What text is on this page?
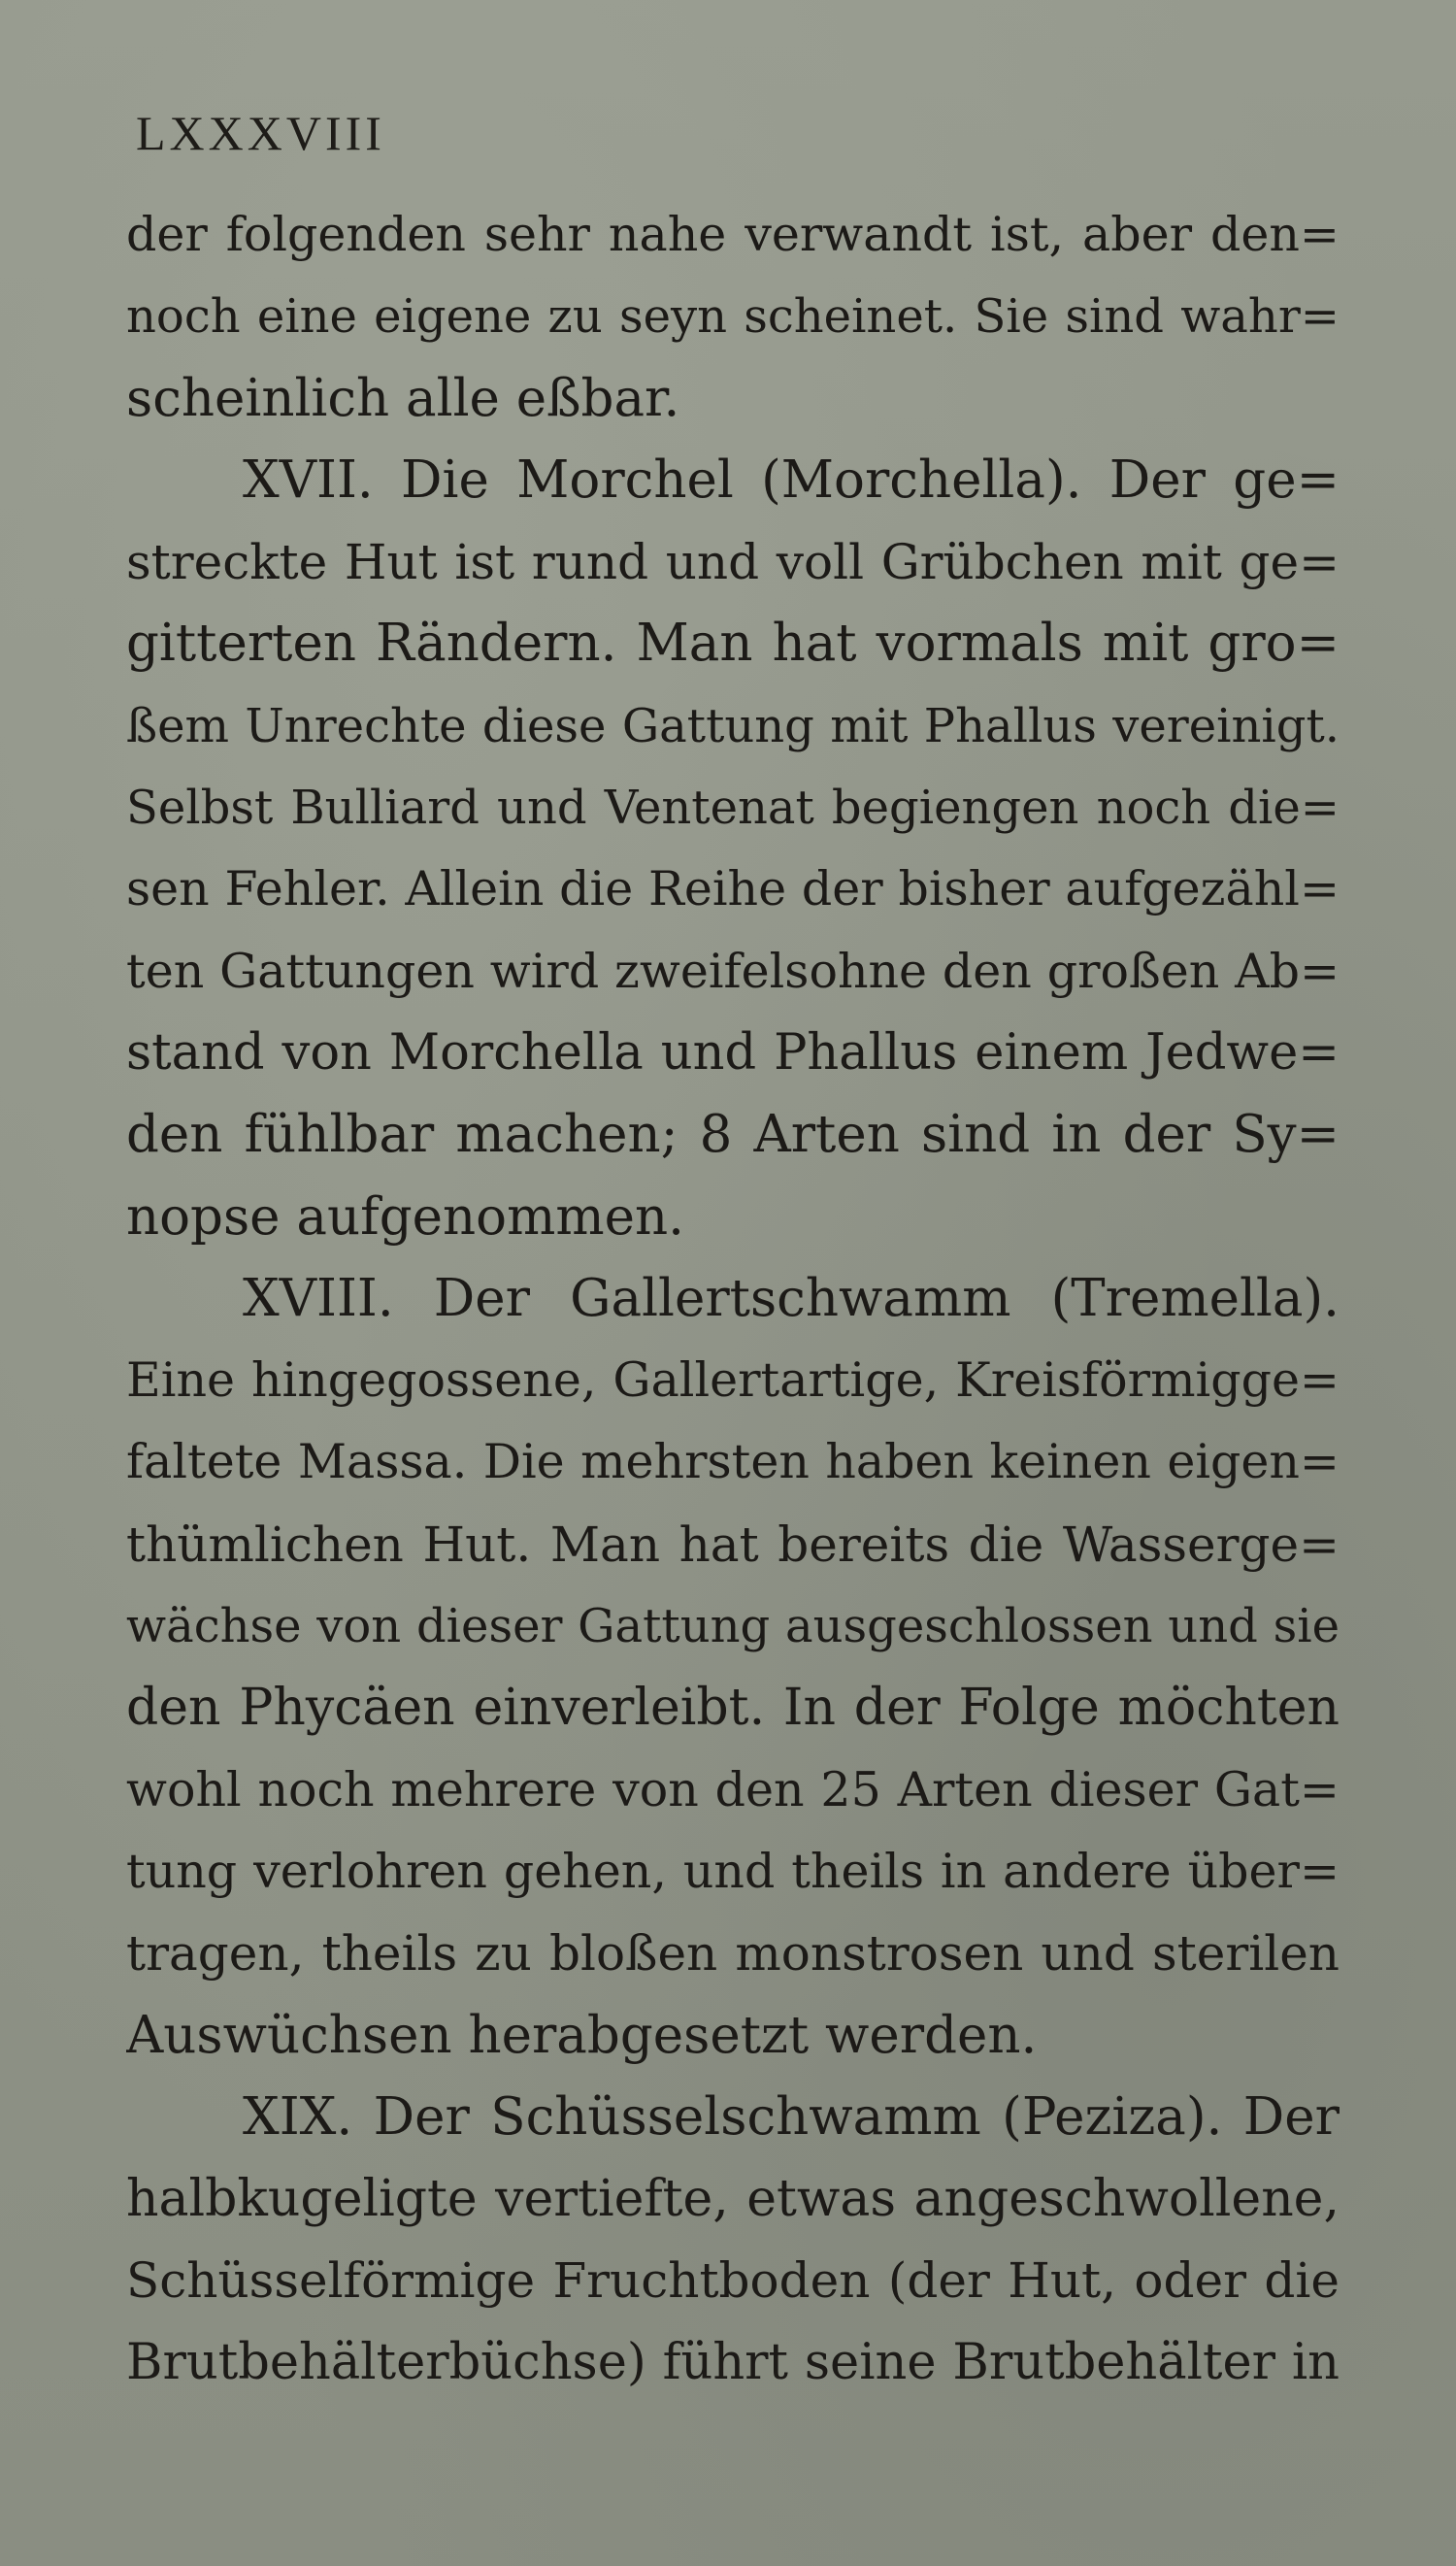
LXXXVIII
der folgenden sehr nahe verwandt ist, aber den=
noch eine eigene zu seyn scheinet. Sie sind wahr=
scheinlich alle eßbar.
XVII. Die Morchel (Morchella). Der ge=
streckte Hut ist rund und voll Grübchen mit ge=
gitterten Rändern. Man hat vormals mit gro=
ßem Unrechte diese Gattung mit Phallus vereinigt.
Selbst Bulliard und Ventenat begiengen noch die=
sen Fehler. Allein die Reihe der bisher aufgezähl=
ten Gattungen wird zweifelsohne den großen Ab=
stand von Morchella und Phallus einem Jedwe=
den fühlbar machen; 8 Arten sind in der Sy=
nopse aufgenommen.
XVIII. Der Gallertschwamm (Tremella).
Eine hingegossene, Gallertartige, Kreisförmigge=
faltete Massa. Die mehrsten haben keinen eigen=
thümlichen Hut. Man hat bereits die Wasserge=
wächse von dieser Gattung ausgeschlossen und sie
den Phycäen einverleibt. In der Folge möchten
wohl noch mehrere von den 25 Arten dieser Gat=
tung verlohren gehen, und theils in andere über=
tragen, theils zu bloßen monstrosen und sterilen
Auswüchsen herabgesetzt werden.
XIX. Der Schüsselschwamm (Peziza). Der
halbkugeligte vertiefte, etwas angeschwollene,
Schüsselförmige Fruchtboden (der Hut, oder die
Brutbehälterbüchse) führt seine Brutbehälter in
